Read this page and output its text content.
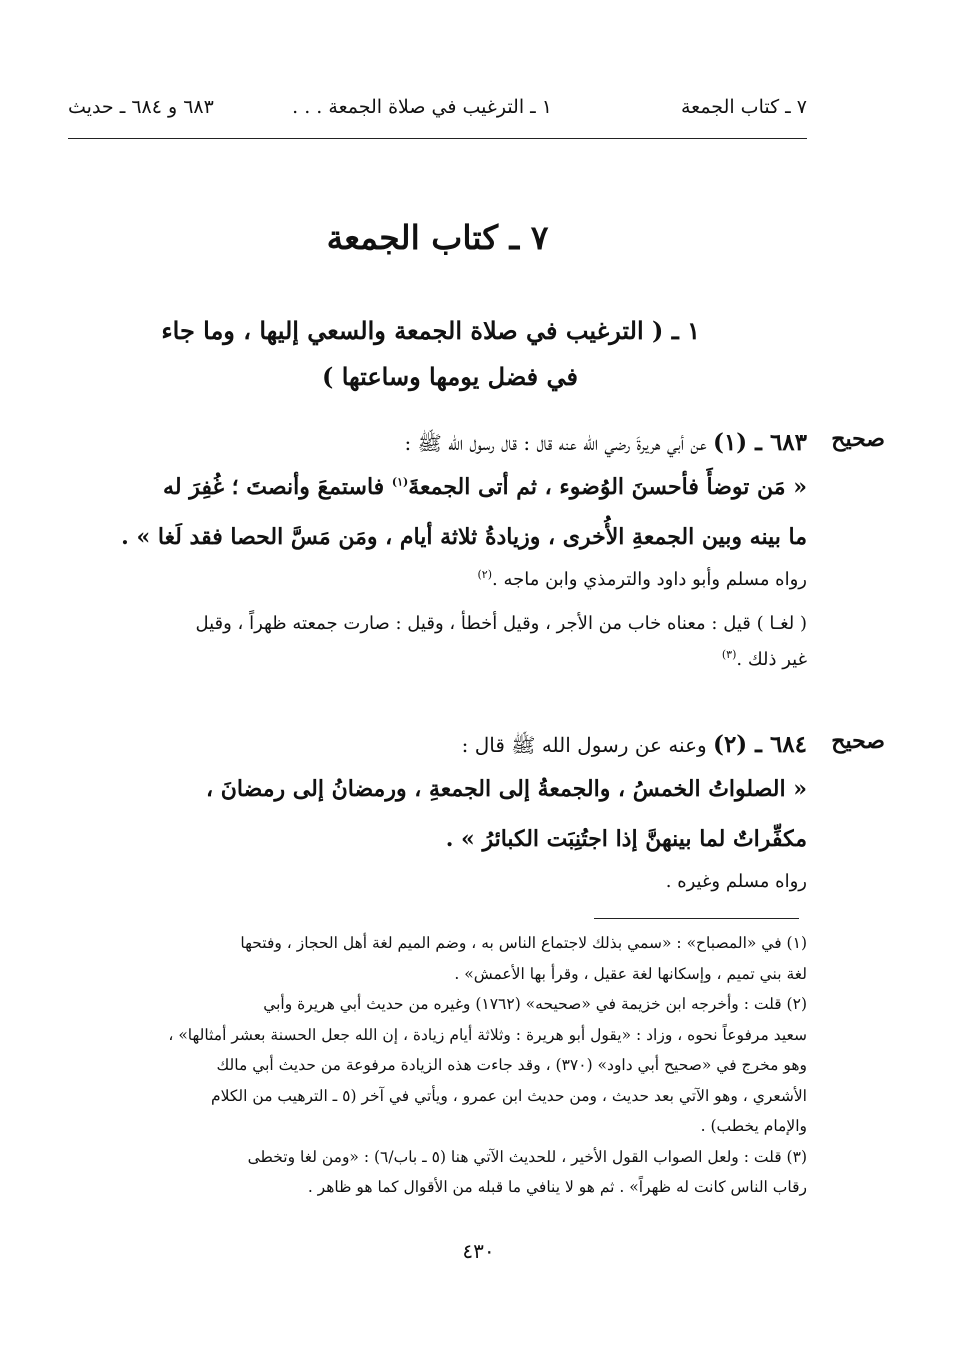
٧ ـ كتاب الجمعة
١ ـ الترغيب في صلاة الجمعة . . .
٦٨٣ و ٦٨٤ ـ حديث
٧ ـ كتاب الجمعة
١ ـ ( الترغيب في صلاة الجمعة والسعي إليها ، وما جاء
في فضل يومها وساعتها )
صحيح
٦٨٣ ـ (١) عن أبي هريرةَ رضي الله عنه قال : قال رسول الله ﷺ :
« مَن توضأَ فأحسنَ الوُضوء ، ثم أتى الجمعةَ$^{(١)}$ فاستمعَ وأنصتَ ؛ غُفِرَ له
ما بينه وبين الجمعةِ الأُخرى ، وزيادةُ ثلاثة أيام ، ومَن مَسَّ الحصا فقد لَغا » .
رواه مسلم وأبو داود والترمذي وابن ماجه .$^{(٢)}$
( لغـا ) قيل : معناه خاب من الأجر ، وقيل أخطأ ، وقيل : صارت جمعته ظهراً ، وقيل
غير ذلك .$^{(٣)}$
صحيح
٦٨٤ ـ (٢) وعنه عن رسول الله ﷺ قال :
« الصلواتُ الخمسُ ، والجمعةُ إلى الجمعةِ ، ورمضانُ إلى رمضانَ ،
مكفِّراتٌ لما بينهنَّ إذا اجتُنِبَت الكبائرُ » .
رواه مسلم وغيره .

(١) في «المصباح» : «سمي بذلك لاجتماع الناس به ، وضم الميم لغة أهل الحجاز ، وفتحها
لغة بني تميم ، وإسكانها لغة عقيل ، وقرأ بها الأعمش» .

(٢) قلت : وأخرجه ابن خزيمة في «صحيحه» (١٧٦٢) وغيره من حديث أبي هريرة وأبي
سعيد مرفوعاً نحوه ، وزاد : «يقول أبو هريرة : وثلاثة أيام زيادة ، إن الله جعل الحسنة بعشر أمثالها» ،
وهو مخرج في «صحيح أبي داود» (٣٧٠) ، وقد جاءت هذه الزيادة مرفوعة من حديث أبي مالك
الأشعري ، وهو الآتي بعد حديث ، ومن حديث ابن عمرو ، ويأتي في آخر (٥ ـ الترهيب من الكلام
والإمام يخطب) .

(٣) قلت : ولعل الصواب القول الأخير ، للحديث الآتي هنا (٥ ـ باب/٦) : «ومن لغا وتخطى
رقاب الناس كانت له ظهراً» . ثم هو لا ينافي ما قبله من الأقوال كما هو ظاهر .

٤٣٠
